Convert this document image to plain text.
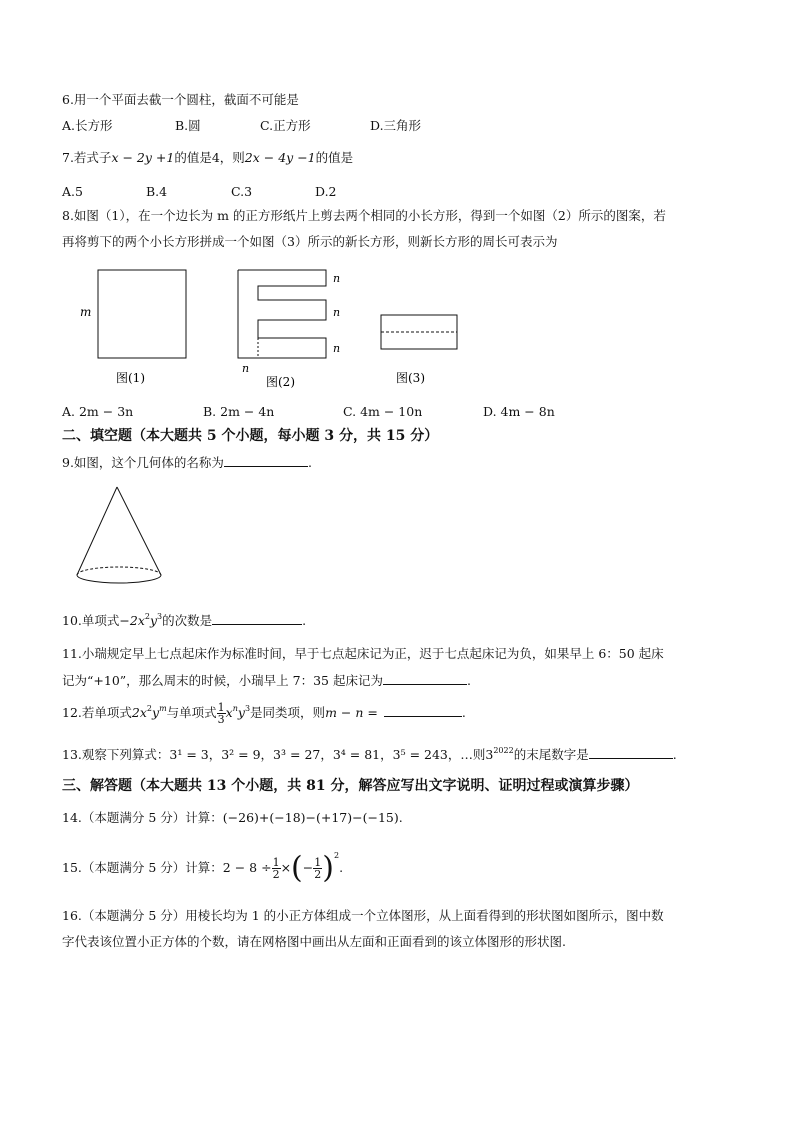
6.用一个平面去截一个圆柱，截面不可能是
A.长方形	B.圆	C.正方形	D.三角形
7.若式子x − 2y +1的值是4，则2x − 4y −1的值是
A.5	B.4	C.3	D.2
8.如图（1），在一个边长为 m 的正方形纸片上剪去两个相同的小长方形，得到一个如图（2）所示的图案，若
再将剪下的两个小长方形拼成一个如图（3）所示的新长方形，则新长方形的周长可表示为
m
图(1)
n
n
n
n
图(2)	图(3)
A. 2m − 3n	B. 2m − 4n	C. 4m − 10n	D. 4m − 8n
二、填空题（本大题共 5 个小题，每小题 3 分，共 15 分）
9.如图，这个几何体的名称为	.
10.单项式$-2x^2y^3$的次数是	.
11.小瑞规定早上七点起床作为标准时间，早于七点起床记为正，迟于七点起床记为负，如果早上 6：50 起床
记为“+10”，那么周末的时候，小瑞早上 7：35 起床记为	.
12.若单项式$2x^2y^m$与单项式 $\frac{1}{3} x^ny^3$是同类项，则m − n =	.
13.观察下列算式：3¹ = 3，3² = 9，3³ = 27，3⁴ = 81，3⁵ = 243，…则$3^{2022}$的末尾数字是	.
三、解答题（本大题共 13 个小题，共 81 分，解答应写出文字说明、证明过程或演算步骤）
14.（本题满分 5 分）计算：(−26)+(−18)−(+17)−(−15).
15.（本题满分 5 分）计算：$2 - 8 \div \frac{1}{2}$ ×(− $\frac{1}{2} )^2$.
16.（本题满分 5 分）用棱长均为 1 的小正方体组成一个立体图形，从上面看得到的形状图如图所示，图中数
字代表该位置小正方体的个数，请在网格图中画出从左面和正面看到的该立体图形的形状图.
